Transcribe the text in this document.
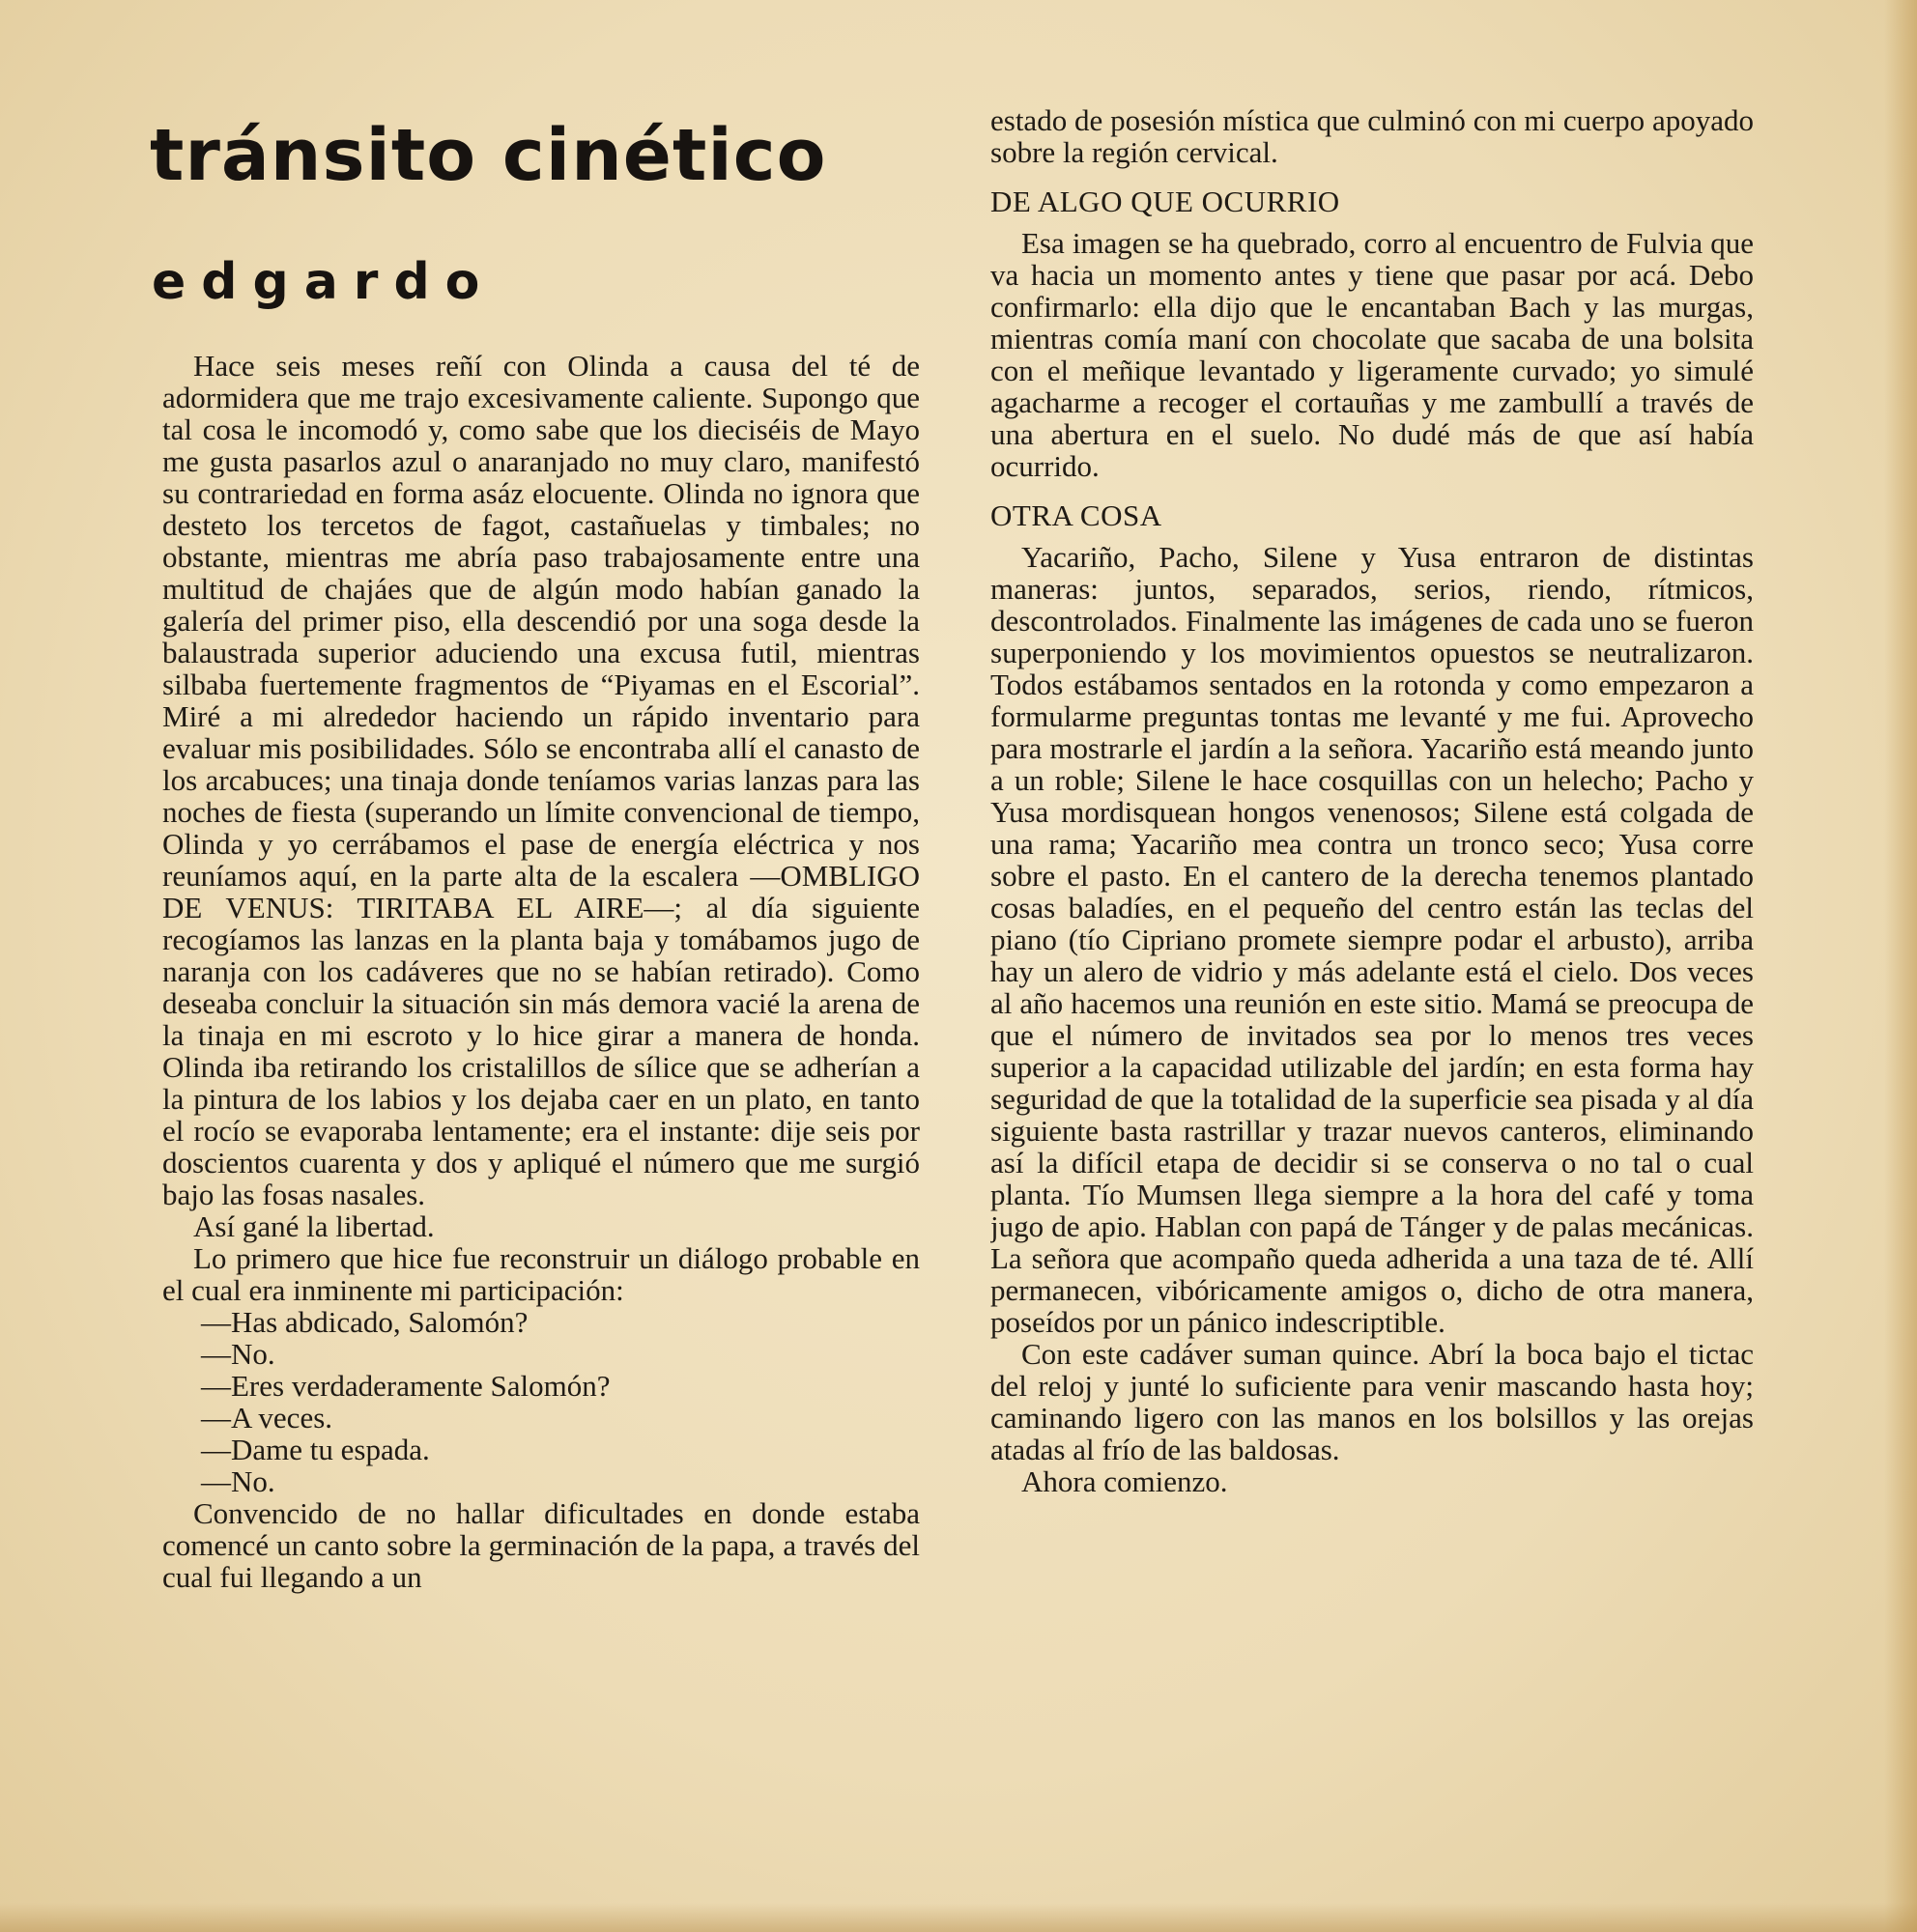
tránsito cinético
edgardo

Hace seis meses reñí con Olinda a causa del té de adormidera que me trajo excesivamente caliente. Supongo que tal cosa le incomodó y, como sabe que los dieciséis de Mayo me gusta pasarlos azul o anaranjado no muy claro, manifestó su contrariedad en forma asáz elocuente. Olinda no ignora que desteto los tercetos de fagot, castañuelas y timbales; no obstante, mientras me abría paso trabajosamente entre una multitud de chajáes que de algún modo habían ganado la galería del primer piso, ella descendió por una soga desde la balaustrada superior aduciendo una excusa futil, mientras silbaba fuertemente fragmentos de “Piyamas en el Escorial”. Miré a mi alrededor haciendo un rápido inventario para evaluar mis posibilidades. Sólo se encontraba allí el canasto de los arcabuces; una tinaja donde teníamos varias lanzas para las noches de fiesta (superando un límite convencional de tiempo, Olinda y yo cerrábamos el pase de energía eléctrica y nos reuníamos aquí, en la parte alta de la escalera —OMBLIGO DE VENUS: TIRITABA EL AIRE—; al día siguiente recogíamos las lanzas en la planta baja y tomábamos jugo de naranja con los cadáveres que no se habían retirado). Como deseaba concluir la situación sin más demora vacié la arena de la tinaja en mi escroto y lo hice girar a manera de honda. Olinda iba retirando los cristalillos de sílice que se adherían a la pintura de los labios y los dejaba caer en un plato, en tanto el rocío se evaporaba lentamente; era el instante: dije seis por doscientos cuarenta y dos y apliqué el número que me surgió bajo las fosas nasales.

Así gané la libertad.

Lo primero que hice fue reconstruir un diálogo probable en el cual era inminente mi participación:

—Has abdicado, Salomón?

—No.

—Eres verdaderamente Salomón?

—A veces.

—Dame tu espada.

—No.

Convencido de no hallar dificultades en donde estaba comencé un canto sobre la germinación de la papa, a través del cual fui llegando a un

estado de posesión mística que culminó con mi cuerpo apoyado sobre la región cervical.

DE ALGO QUE OCURRIO

Esa imagen se ha quebrado, corro al encuentro de Fulvia que va hacia un momento antes y tiene que pasar por acá. Debo confirmarlo: ella dijo que le encantaban Bach y las murgas, mientras comía maní con chocolate que sacaba de una bolsita con el meñique levantado y ligeramente curvado; yo simulé agacharme a recoger el cortauñas y me zambullí a través de una abertura en el suelo. No dudé más de que así había ocurrido.

OTRA COSA

Yacariño, Pacho, Silene y Yusa entraron de distintas maneras: juntos, separados, serios, riendo, rítmicos, descontrolados. Finalmente las imágenes de cada uno se fueron superponiendo y los movimientos opuestos se neutralizaron. Todos estábamos sentados en la rotonda y como empezaron a formularme preguntas tontas me levanté y me fui. Aprovecho para mostrarle el jardín a la señora. Yacariño está meando junto a un roble; Silene le hace cosquillas con un helecho; Pacho y Yusa mordisquean hongos venenosos; Silene está colgada de una rama; Yacariño mea contra un tronco seco; Yusa corre sobre el pasto. En el cantero de la derecha tenemos plantado cosas baladíes, en el pequeño del centro están las teclas del piano (tío Cipriano promete siempre podar el arbusto), arriba hay un alero de vidrio y más adelante está el cielo. Dos veces al año hacemos una reunión en este sitio. Mamá se preocupa de que el número de invitados sea por lo menos tres veces superior a la capacidad utilizable del jardín; en esta forma hay seguridad de que la totalidad de la superficie sea pisada y al día siguiente basta rastrillar y trazar nuevos canteros, eliminando así la difícil etapa de decidir si se conserva o no tal o cual planta. Tío Mumsen llega siempre a la hora del café y toma jugo de apio. Hablan con papá de Tánger y de palas mecánicas. La señora que acompaño queda adherida a una taza de té. Allí permanecen, vibóricamente amigos o, dicho de otra manera, poseídos por un pánico indescriptible.

Con este cadáver suman quince. Abrí la boca bajo el tictac del reloj y junté lo suficiente para venir mascando hasta hoy; caminando ligero con las manos en los bolsillos y las orejas atadas al frío de las baldosas.

Ahora comienzo.
